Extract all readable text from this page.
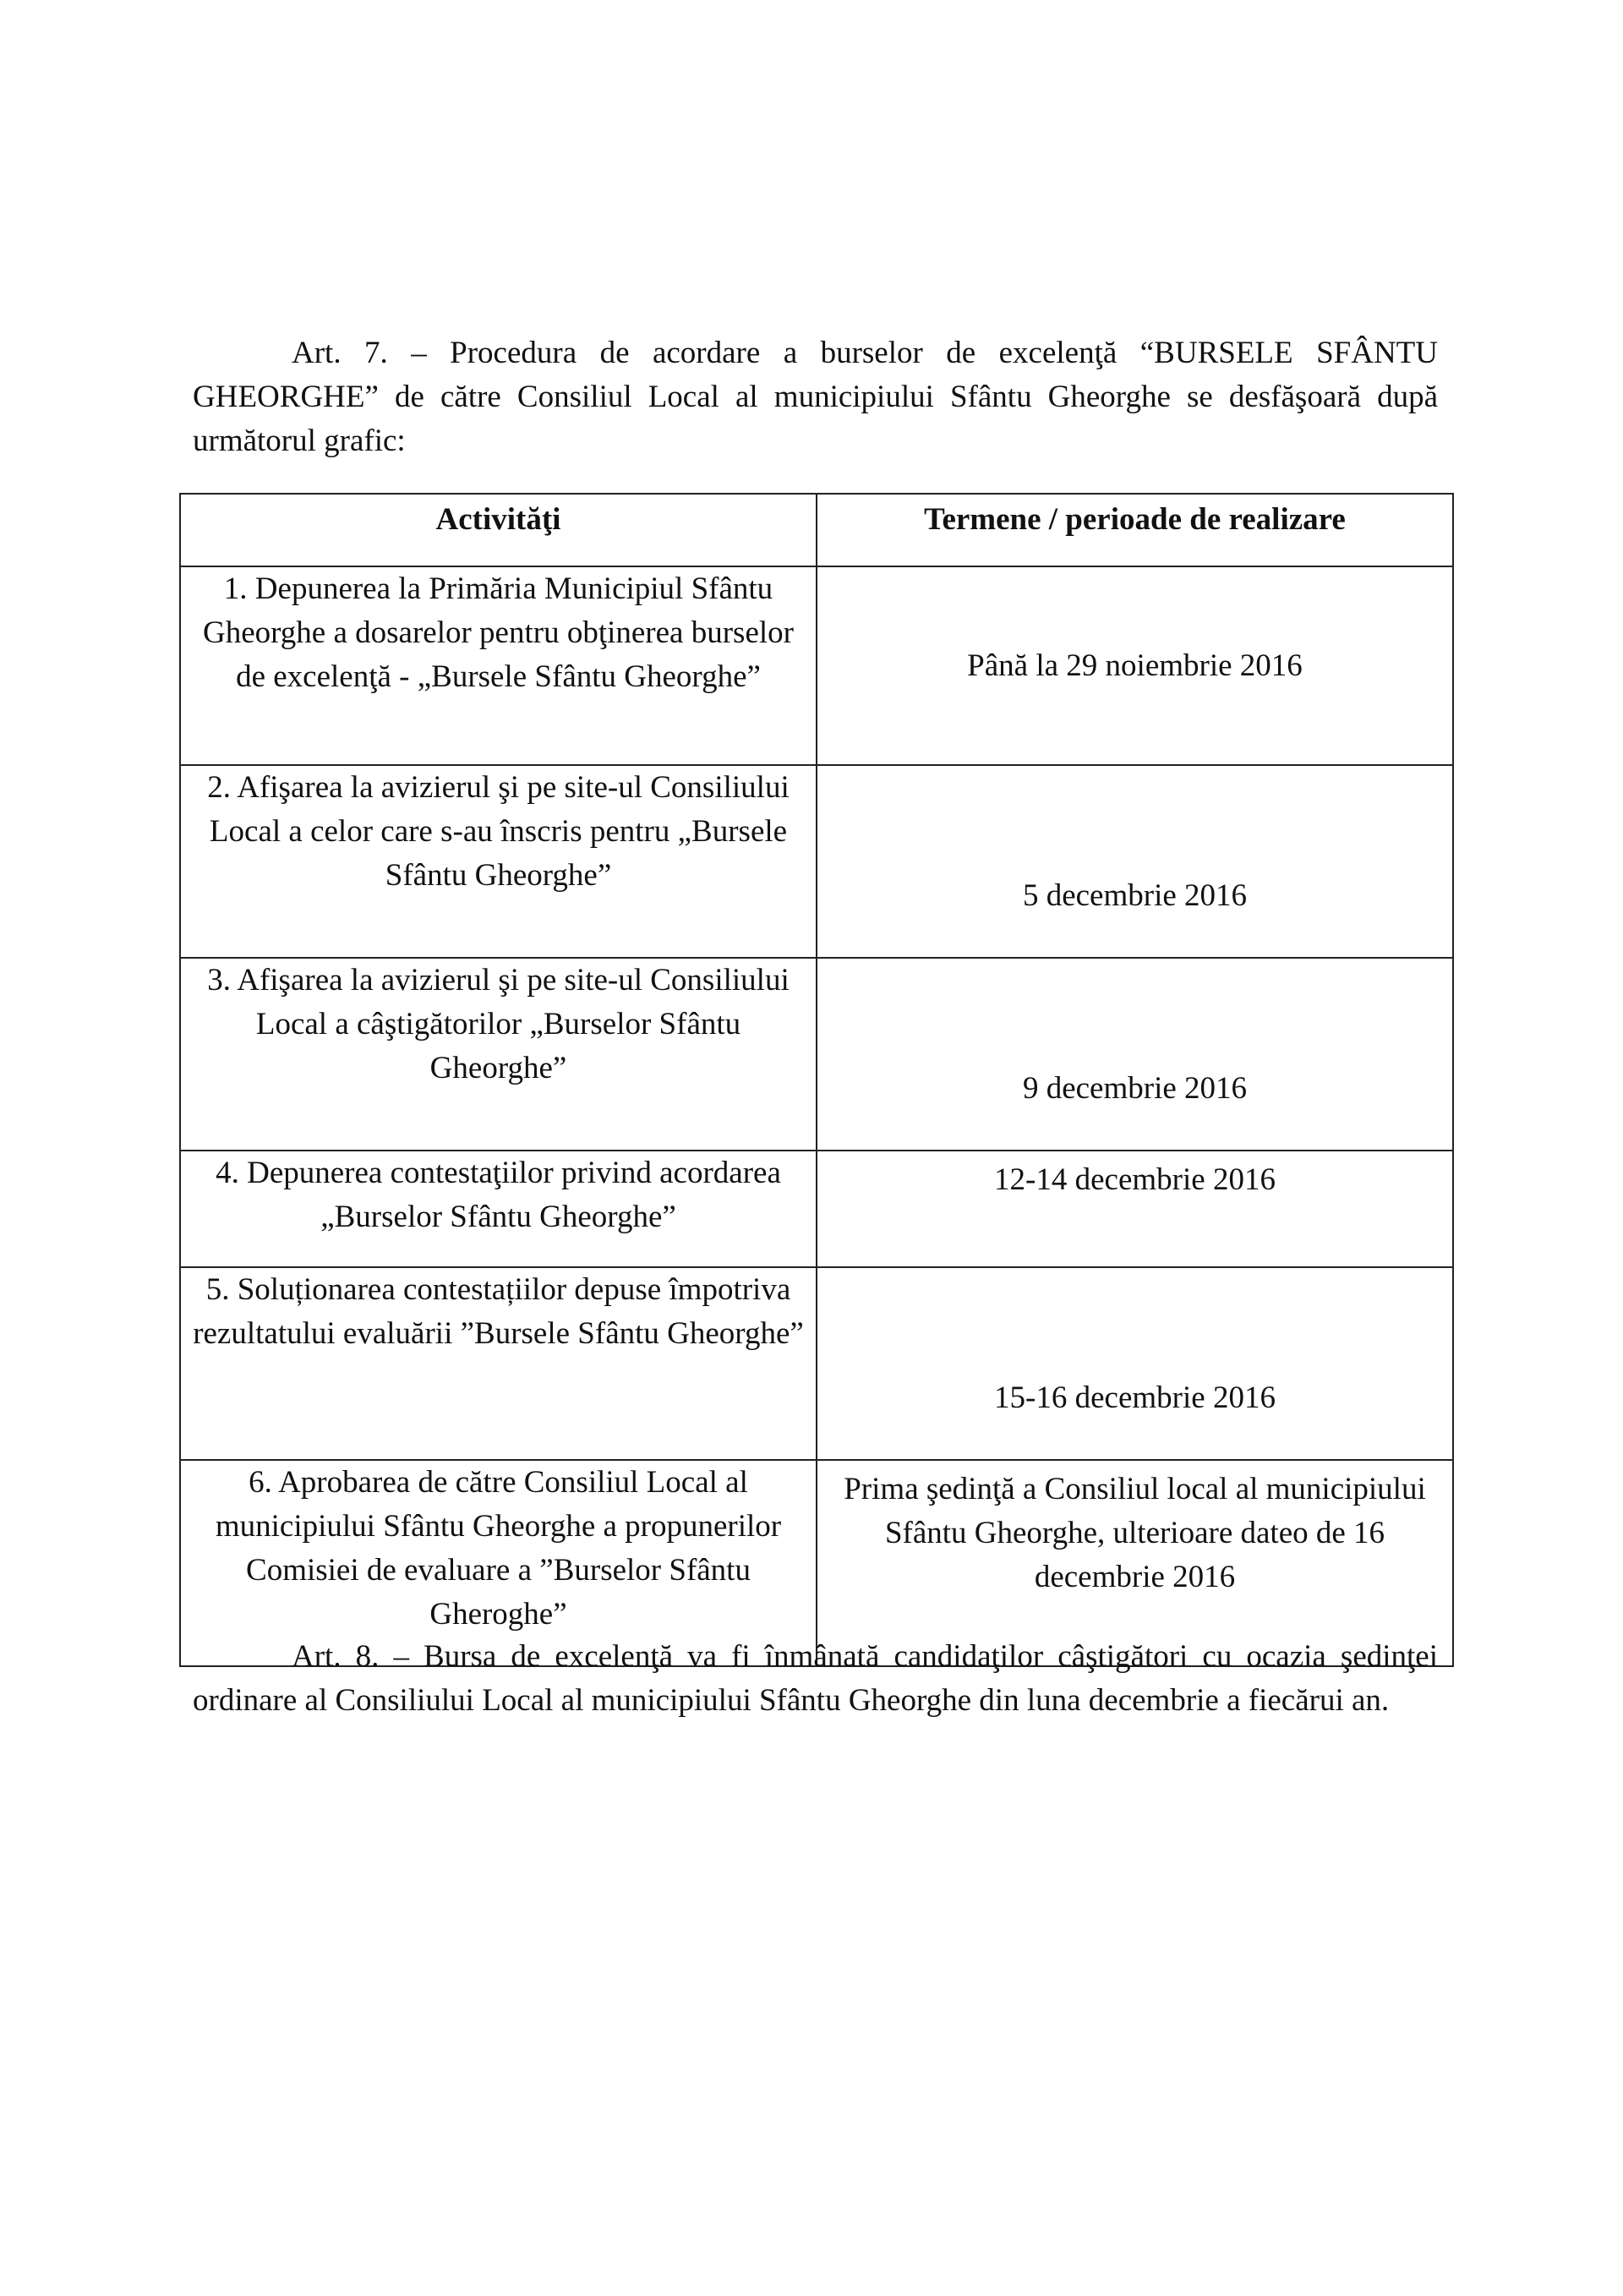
Art. 7. – Procedura de acordare a burselor de excelenţă “BURSELE SFÂNTU GHEORGHE” de către Consiliul Local al municipiului Sfântu Gheorghe se desfăşoară după următorul grafic:

Activităţi	Termene / perioade de realizare
1. Depunerea la Primăria Municipiul Sfântu Gheorghe a dosarelor pentru obţinerea burselor de excelenţă - „Bursele Sfântu Gheorghe”	Până la 29 noiembrie 2016
2. Afişarea la avizierul şi pe site-ul Consiliului Local a celor care s-au înscris pentru „Bursele Sfântu Gheorghe”	5 decembrie 2016
3. Afişarea la avizierul şi pe site-ul Consiliului Local a câştigătorilor „Burselor Sfântu Gheorghe”	9 decembrie 2016
4. Depunerea contestaţiilor privind acordarea „Burselor Sfântu Gheorghe”	12-14 decembrie 2016
5. Soluționarea contestațiilor depuse împotriva rezultatului evaluării ”Bursele Sfântu Gheorghe”	15-16 decembrie 2016
6. Aprobarea de către Consiliul Local al municipiului Sfântu Gheorghe a propunerilor Comisiei de evaluare a ”Burselor Sfântu Gheroghe”	Prima şedinţă a Consiliul local al municipiului Sfântu Gheorghe, ulterioare dateo de 16 decembrie 2016

Art. 8. – Bursa de excelenţă va fi înmânată candidaţilor câştigători cu ocazia şedinţei ordinare al Consiliului Local al municipiului Sfântu Gheorghe din luna decembrie a fiecărui an.
